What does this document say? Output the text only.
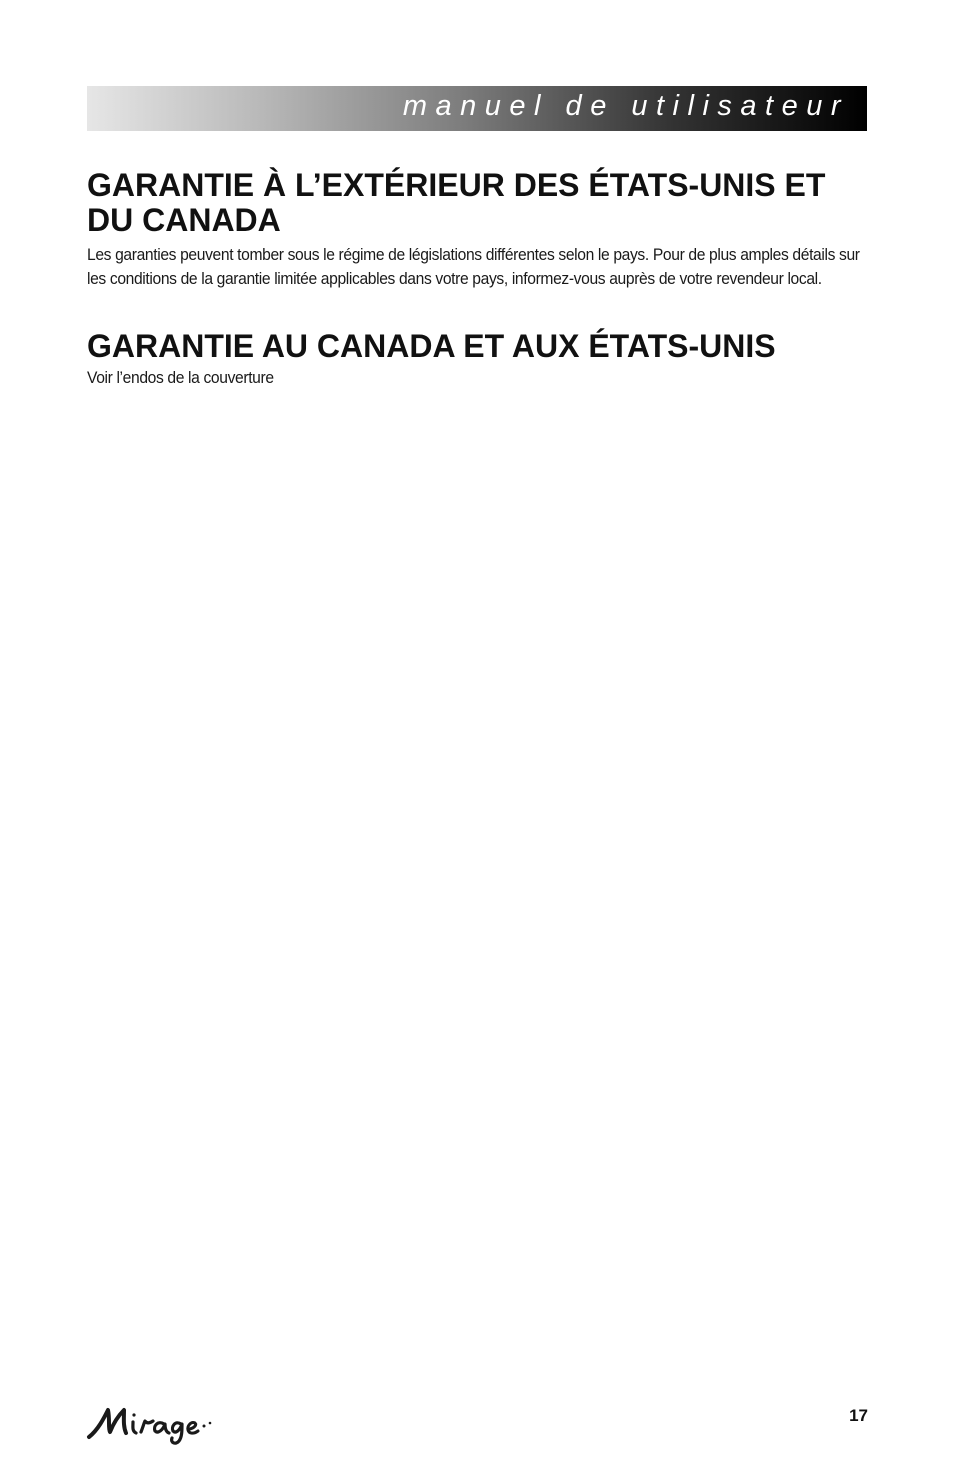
manuel de utilisateur
GARANTIE À L’EXTÉRIEUR DES ÉTATS-UNIS ET DU CANADA

Les garanties peuvent tomber sous le régime de législations différentes selon le pays. Pour de plus amples détails sur les conditions de la garantie limitée applicables dans votre pays, informez-vous auprès de votre revendeur local.

GARANTIE AU CANADA ET AUX ÉTATS-UNIS

Voir l’endos de la couverture

17
